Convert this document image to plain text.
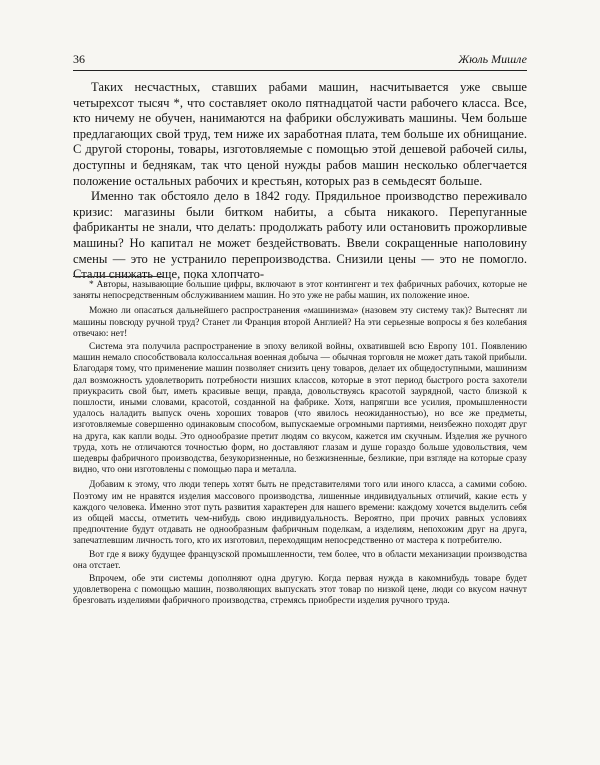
36	Жюль Мишле

Таких несчастных, ставших рабами машин, насчитывается уже свыше четырехсот тысяч *, что составляет около пятнадцатой части рабочего класса. Все, кто ничему не обучен, нанимаются на фабрики обслуживать машины. Чем больше предлагающих свой труд, тем ниже их заработная плата, тем больше их обнищание. С другой стороны, товары, изготовляемые с помощью этой дешевой рабочей силы, доступны и беднякам, так что ценой нужды рабов машин несколько облегчается положение остальных рабочих и крестьян, которых раз в семьдесят больше.

Именно так обстояло дело в 1842 году. Прядильное производство переживало кризис: магазины были битком набиты, а сбыта никакого. Перепуганные фабриканты не знали, что делать: продолжать работу или остановить прожорливые машины? Но капитал не может бездействовать. Ввели сокращенные наполовину смены — это не устранило перепроизводства. Снизили цены — это не помогло. Стали снижать еще, пока хлопчато-

* Авторы, называющие бо́льшие цифры, включают в этот контингент и тех фабричных рабочих, которые не заняты непосредственным обслуживанием машин. Но это уже не рабы машин, их положение иное.

Можно ли опасаться дальнейшего распространения «машинизма» (назовем эту систему так)? Вытеснят ли машины повсюду ручной труд? Станет ли Франция второй Англией? На эти серьезные вопросы я без колебания отвечаю: нет!

Система эта получила распространение в эпоху великой войны, охватившей всю Европу 101. Появлению машин немало способствовала колоссальная военная добыча — обычная торговля не может дать такой прибыли. Благодаря тому, что применение машин позволяет снизить цену товаров, делает их общедоступными, машинизм дал возможность удовлетворить потребности низших классов, которые в этот период быстрого роста захотели приукрасить свой быт, иметь красивые вещи, правда, довольствуясь красотой заурядной, часто близкой к пошлости, иными словами, красотой, созданной на фабрике. Хотя, напрягши все усилия, промышленности удалось наладить выпуск очень хороших товаров (что явилось неожиданностью), но все же предметы, изготовляемые совершенно одинаковым способом, выпускаемые огромными партиями, неизбежно походят друг на друга, как капли воды. Это однообразие претит людям со вкусом, кажется им скучным. Изделия же ручного труда, хоть не отличаются точностью форм, но доставляют глазам и душе гораздо больше удовольствия, чем шедевры фабричного производства, безукоризненные, но безжизненные, безликие, при взгляде на которые сразу видно, что они изготовлены с помощью пара и металла.

Добавим к этому, что люди теперь хотят быть не представителями того или иного класса, а самими собою. Поэтому им не нравятся изделия массового производства, лишенные индивидуальных отличий, какие есть у каждого человека. Именно этот путь развития характерен для нашего времени: каждому хочется выделить себя из общей массы, отметить чем-нибудь свою индивидуальность. Вероятно, при прочих равных условиях предпочтение будут отдавать не однообразным фабричным поделкам, а изделиям, непохожим друг на друга, запечатлевшим личность того, кто их изготовил, переходящим непосредственно от мастера к потребителю.

Вот где я вижу будущее французской промышленности, тем более, что в области механизации производства она отстает.

Впрочем, обе эти системы дополняют одна другую. Когда первая нужда в какомнибудь товаре будет удовлетворена с помощью машин, позволяющих выпускать этот товар по низкой цене, люди со вкусом начнут брезговать изделиями фабричного производства, стремясь приобрести изделия ручного труда.
